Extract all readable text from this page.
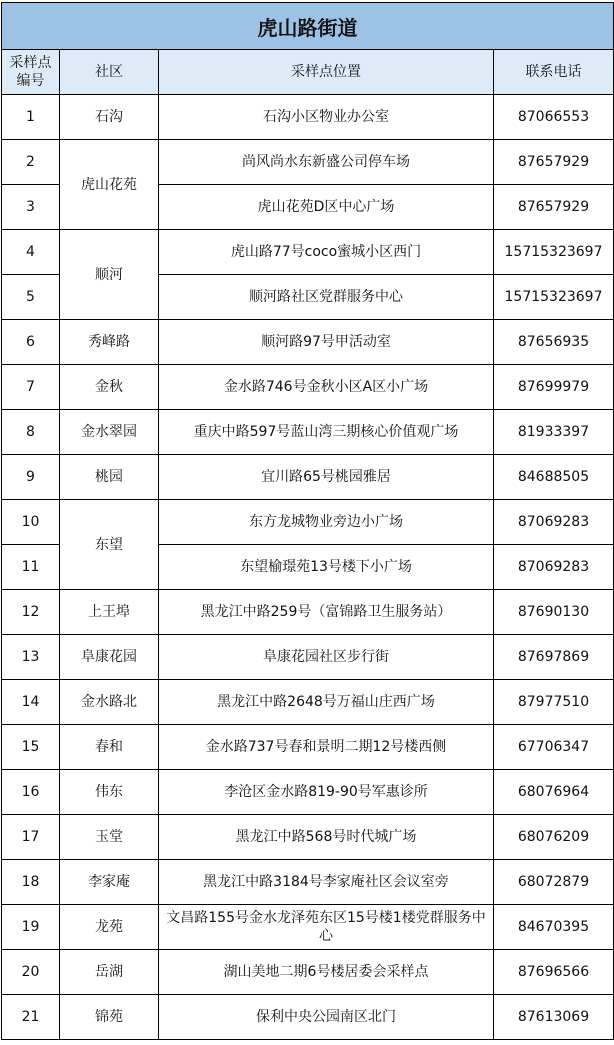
虎山路街道			
采样点编号	社区	采样点位置	联系电话
1	石沟	石沟小区物业办公室	87066553
2	虎山花苑	尚风尚水东新盛公司停车场	87657929
3		虎山花苑D区中心广场	87657929
4	顺河	虎山路77号coco蜜城小区西门	15715323697
5		顺河路社区党群服务中心	15715323697
6	秀峰路	顺河路97号甲活动室	87656935
7	金秋	金水路746号金秋小区A区小广场	87699979
8	金水翠园	重庆中路597号蓝山湾三期核心价值观广场	81933397
9	桃园	宜川路65号桃园雅居	84688505
10	东望	东方龙城物业旁边小广场	87069283
11		东望榆璟苑13号楼下小广场	87069283
12	上王埠	黑龙江中路259号（富锦路卫生服务站）	87690130
13	阜康花园	阜康花园社区步行街	87697869
14	金水路北	黑龙江中路2648号万福山庄西广场	87977510
15	春和	金水路737号春和景明二期12号楼西侧	67706347
16	伟东	李沧区金水路819-90号军惠诊所	68076964
17	玉堂	黑龙江中路568号时代城广场	68076209
18	李家庵	黑龙江中路3184号李家庵社区会议室旁	68072879
19	龙苑	文昌路155号金水龙泽苑东区15号楼1楼党群服务中心	84670395
20	岳湖	湖山美地二期6号楼居委会采样点	87696566
21	锦苑	保利中央公园南区北门	87613069
